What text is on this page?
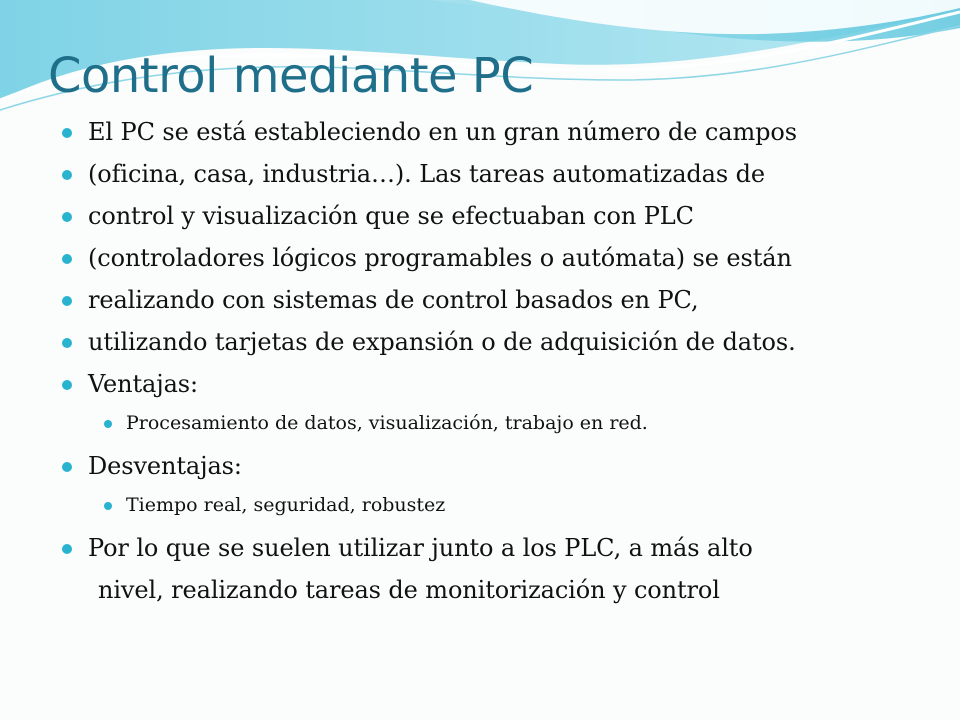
Control mediante PC
El PC se está estableciendo en un gran número de campos
(oficina, casa, industria…). Las tareas automatizadas de
control y visualización que se efectuaban con PLC
(controladores lógicos programables o autómata) se están
realizando con sistemas de control basados en PC,
utilizando tarjetas de expansión o de adquisición de datos.
Ventajas:
Procesamiento de datos, visualización, trabajo en red.
Desventajas:
Tiempo real, seguridad, robustez
Por lo que se suelen utilizar junto a los PLC, a más alto
nivel, realizando tareas de monitorización y control
